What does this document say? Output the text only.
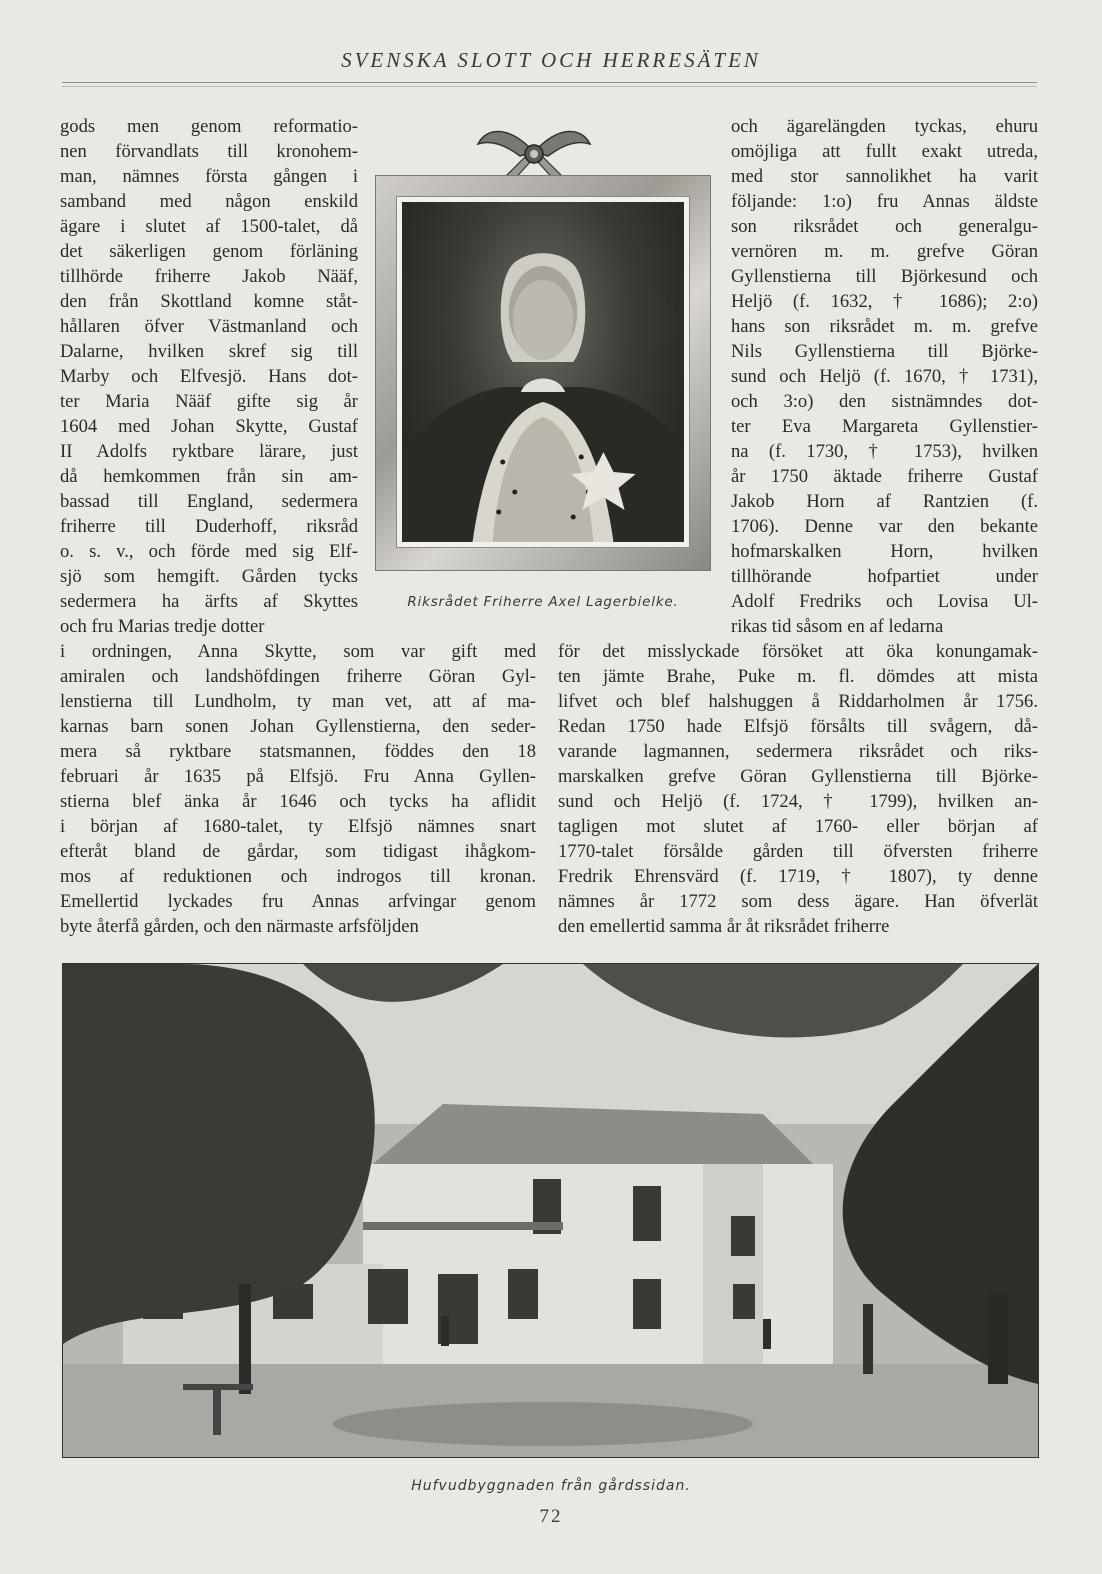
SVENSKA SLOTT OCH HERRESÄTEN

gods men genom reformatio-

nen förvandlats till kronohem-

man, nämnes första gången i

samband med någon enskild

ägare i slutet af 1500-talet, då

det säkerligen genom förläning

tillhörde friherre Jakob Nääf,

den från Skottland komne ståt-

hållaren öfver Västmanland och

Dalarne, hvilken skref sig till

Marby och Elfvesjö. Hans dot-

ter Maria Nääf gifte sig år

1604 med Johan Skytte, Gustaf

II Adolfs ryktbare lärare, just

då hemkommen från sin am-

bassad till England, sedermera

friherre till Duderhoff, riksråd

o. s. v., och förde med sig Elf-

sjö som hemgift. Gården tycks

sedermera ha ärfts af Skyttes

och fru Marias tredje dotter

Riksrådet Friherre Axel Lagerbielke.

och ägarelängden tyckas, ehuru

omöjliga att fullt exakt utreda,

med stor sannolikhet ha varit

följande: 1:o) fru Annas äldste

son riksrådet och generalgu-

vernören m. m. grefve Göran

Gyllenstierna till Björkesund och

Heljö (f. 1632, † 1686); 2:o)

hans son riksrådet m. m. grefve

Nils Gyllenstierna till Björke-

sund och Heljö (f. 1670, † 1731),

och 3:o) den sistnämndes dot-

ter Eva Margareta Gyllenstier-

na (f. 1730, † 1753), hvilken

år 1750 äktade friherre Gustaf

Jakob Horn af Rantzien (f.

1706). Denne var den bekante

hofmarskalken Horn, hvilken

tillhörande hofpartiet under

Adolf Fredriks och Lovisa Ul-

rikas tid såsom en af ledarna

i ordningen, Anna Skytte, som var gift med

amiralen och landshöfdingen friherre Göran Gyl-

lenstierna till Lundholm, ty man vet, att af ma-

karnas barn sonen Johan Gyllenstierna, den seder-

mera så ryktbare statsmannen, föddes den 18

februari år 1635 på Elfsjö. Fru Anna Gyllen-

stierna blef änka år 1646 och tycks ha aflidit

i början af 1680-talet, ty Elfsjö nämnes snart

efteråt bland de gårdar, som tidigast ihågkom-

mos af reduktionen och indrogos till kronan.

Emellertid lyckades fru Annas arfvingar genom

byte återfå gården, och den närmaste arfsföljden

för det misslyckade försöket att öka konungamak-

ten jämte Brahe, Puke m. fl. dömdes att mista

lifvet och blef halshuggen å Riddarholmen år 1756.

Redan 1750 hade Elfsjö försålts till svågern, då-

varande lagmannen, sedermera riksrådet och riks-

marskalken grefve Göran Gyllenstierna till Björke-

sund och Heljö (f. 1724, † 1799), hvilken an-

tagligen mot slutet af 1760- eller början af

1770-talet försålde gården till öfversten friherre

Fredrik Ehrensvärd (f. 1719, † 1807), ty denne

nämnes år 1772 som dess ägare. Han öfverlät

den emellertid samma år åt riksrådet friherre

Hufvudbyggnaden från gårdssidan.
72
